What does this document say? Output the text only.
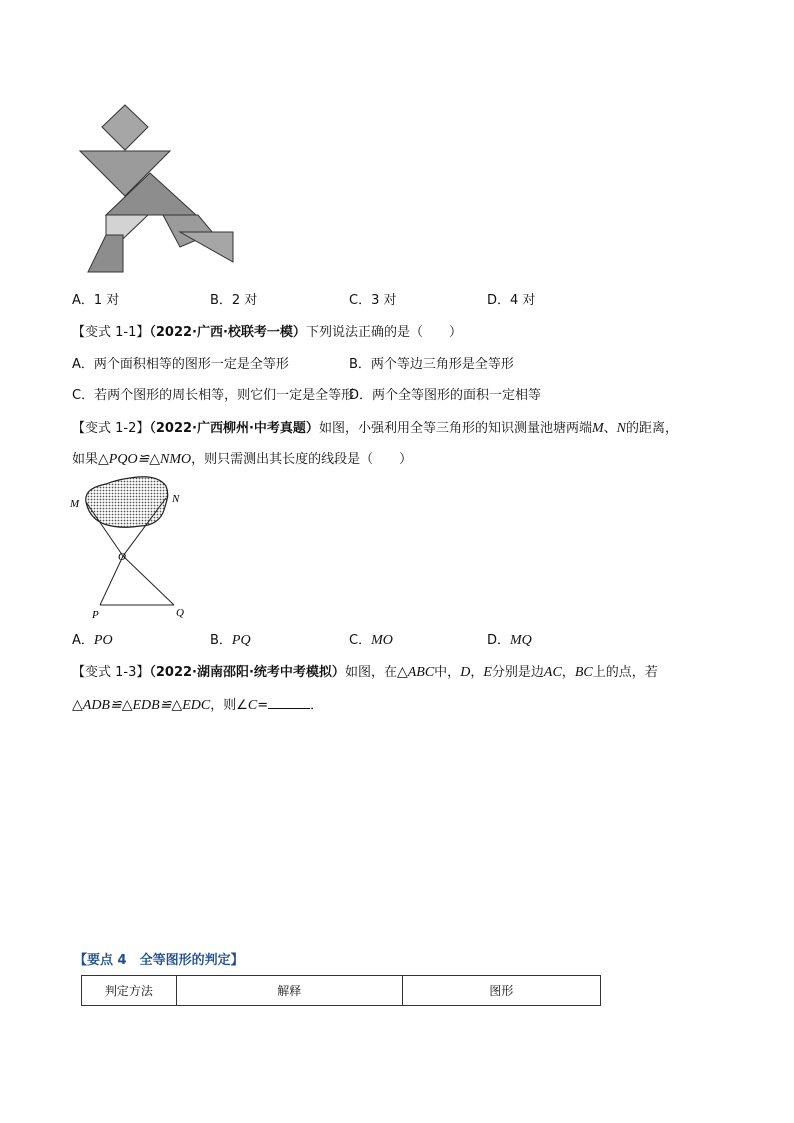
A．1 对	B．2 对	C．3 对	D．4 对
【变式 1-1】（2022·广西·校联考一模）下列说法正确的是（　　）
A．两个面积相等的图形一定是全等形	B．两个等边三角形是全等形
C．若两个图形的周长相等，则它们一定是全等形
D．两个全等图形的面积一定相等
【变式 1-2】（2022·广西柳州·中考真题）如图，小强利用全等三角形的知识测量池塘两端M、N的距离，
如果△PQO≌△NMO，则只需测出其长度的线段是（　　）
M	N
O
P	Q
A．PO	B．PQ	C．MO	D．MQ
【变式 1-3】（2022·湖南邵阳·统考中考模拟）如图，在△ABC中，D，E分别是边AC，BC上的点，若
△ADB≌△EDB≌△EDC，则∠C=	．
【要点 4　全等图形的判定】
判定方法	解释	图形
